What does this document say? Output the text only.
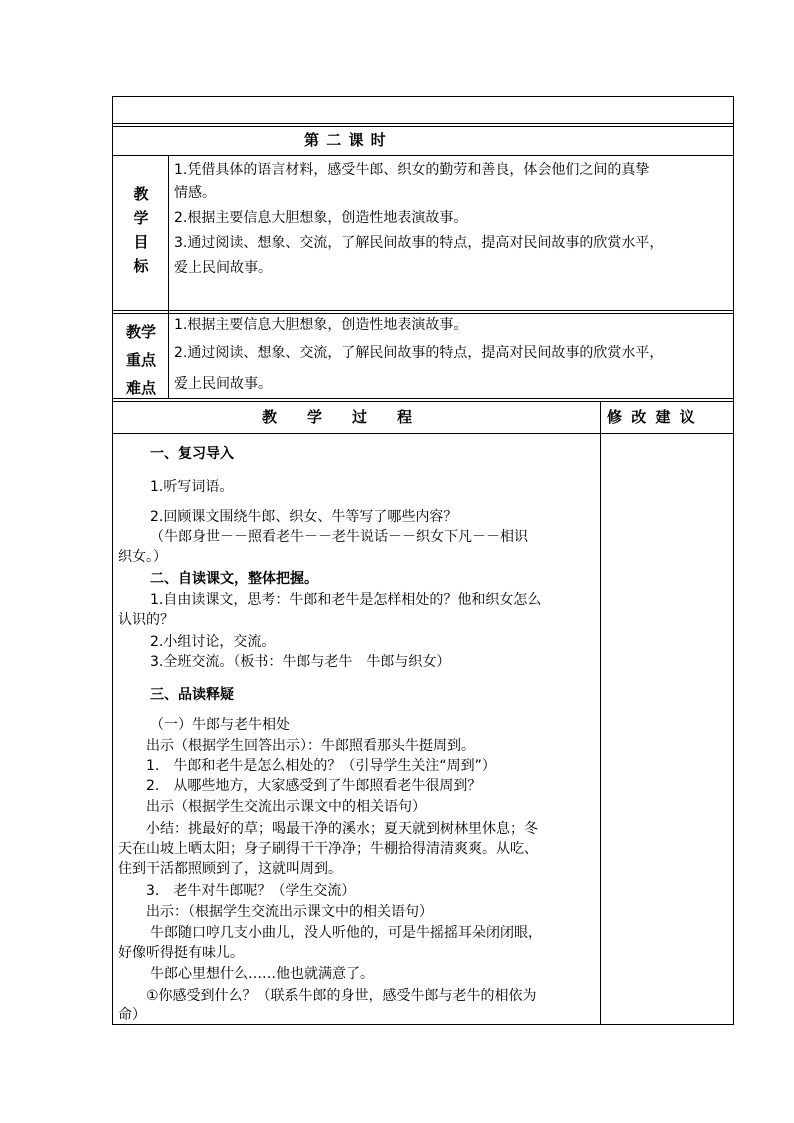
第 二 课 时
教
学
目
标
1.凭借具体的语言材料，感受牛郎、织女的勤劳和善良，体会他们之间的真挚
情感。
2.根据主要信息大胆想象，创造性地表演故事。
3.通过阅读、想象、交流，了解民间故事的特点，提高对民间故事的欣赏水平，
爱上民间故事。
教学
重点
难点
1.根据主要信息大胆想象，创造性地表演故事。
2.通过阅读、想象、交流，了解民间故事的特点，提高对民间故事的欣赏水平，
爱上民间故事。
教　　学　　过　　程	修 改 建 议
一、复习导入
1.听写词语。
2.回顾课文围绕牛郎、织女、牛等写了哪些内容？
（牛郎身世－－照看老牛－－老牛说话－－织女下凡－－相识
织女。）
二、自读课文，整体把握。
1.自由读课文，思考：牛郎和老牛是怎样相处的？他和织女怎么
认识的？
2.小组讨论，交流。
3.全班交流。（板书：牛郎与老牛　牛郎与织女）
三、品读释疑
（一）牛郎与老牛相处
出示（根据学生回答出示）：牛郎照看那头牛挺周到。
1.　牛郎和老牛是怎么相处的？（引导学生关注“周到”）
2.　从哪些地方，大家感受到了牛郎照看老牛很周到？
出示（根据学生交流出示课文中的相关语句）
小结：挑最好的草；喝最干净的溪水；夏天就到树林里休息；冬
天在山坡上晒太阳；身子刷得干干净净；牛棚拾得清清爽爽。从吃、
住到干活都照顾到了，这就叫周到。
3.　老牛对牛郎呢？（学生交流）
出示：（根据学生交流出示课文中的相关语句）
牛郎随口哼几支小曲儿，没人听他的，可是牛摇摇耳朵闭闭眼，
好像听得挺有味儿。
牛郎心里想什么……他也就满意了。
①你感受到什么？（联系牛郎的身世，感受牛郎与老牛的相依为
命）
